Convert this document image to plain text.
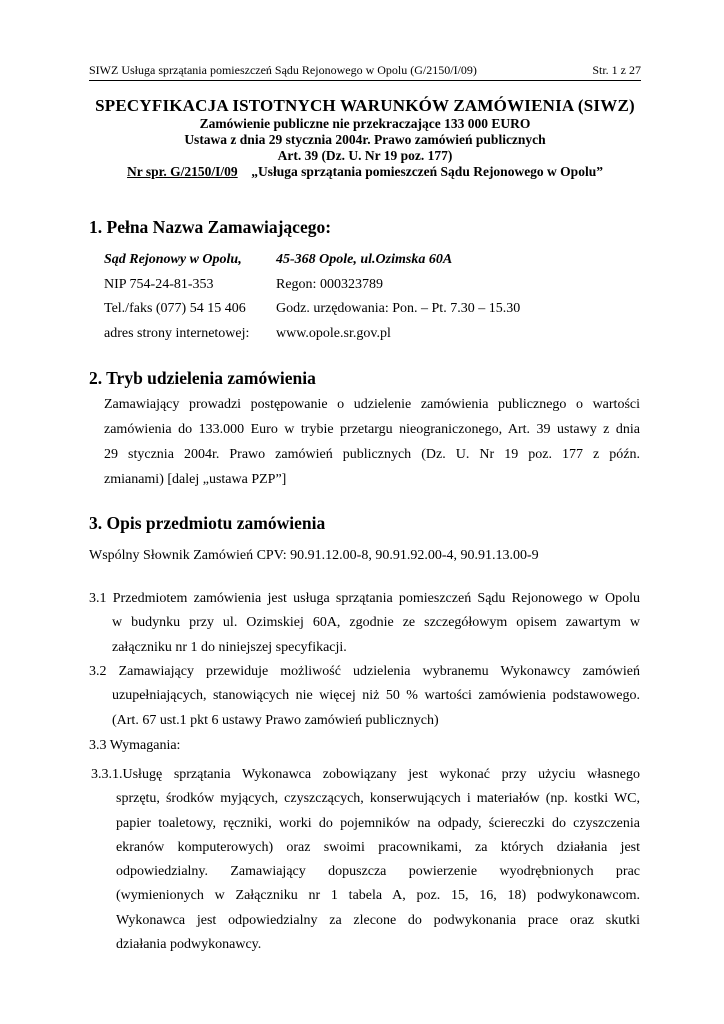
SIWZ Usługa sprzątania pomieszczeń Sądu Rejonowego w Opolu (G/2150/I/09)	Str. 1 z 27
SPECYFIKACJA ISTOTNYCH WARUNKÓW ZAMÓWIENIA (SIWZ)
Zamówienie publiczne nie przekraczające 133 000 EURO
Ustawa z dnia 29 stycznia 2004r. Prawo zamówień publicznych
Art. 39 (Dz. U. Nr 19 poz. 177)
Nr spr. G/2150/I/09 „Usługa sprzątania pomieszczeń Sądu Rejonowego w Opolu”
1. Pełna Nazwa Zamawiającego:
Sąd Rejonowy w Opolu, 45-368 Opole, ul.Ozimska 60A
NIP 754-24-81-353	Regon: 000323789
Tel./faks (077) 54 15 406 Godz. urzędowania: Pon. – Pt. 7.30 – 15.30
adres strony internetowej: www.opole.sr.gov.pl
2. Tryb udzielenia zamówienia
Zamawiający prowadzi postępowanie o udzielenie zamówienia publicznego o wartości
zamówienia do 133.000 Euro w trybie przetargu nieograniczonego, Art. 39 ustawy z dnia
29 stycznia 2004r. Prawo zamówień publicznych (Dz. U. Nr 19 poz. 177 z późn.
zmianami) [dalej „ustawa PZP”]
3. Opis przedmiotu zamówienia
Wspólny Słownik Zamówień CPV: 90.91.12.00-8, 90.91.92.00-4, 90.91.13.00-9
3.1 Przedmiotem zamówienia jest usługa sprzątania pomieszczeń Sądu Rejonowego w Opolu
w budynku przy ul. Ozimskiej 60A, zgodnie ze szczegółowym opisem zawartym w
załączniku nr 1 do niniejszej specyfikacji.
3.2 Zamawiający przewiduje możliwość udzielenia wybranemu Wykonawcy zamówień
uzupełniających, stanowiących nie więcej niż 50 % wartości zamówienia podstawowego.
(Art. 67 ust.1 pkt 6 ustawy Prawo zamówień publicznych)
3.3 Wymagania:
3.3.1.Usługę sprzątania Wykonawca zobowiązany jest wykonać przy użyciu własnego
sprzętu, środków myjących, czyszczących, konserwujących i materiałów (np. kostki WC,
papier toaletowy, ręczniki, worki do pojemników na odpady, ściereczki do czyszczenia
ekranów komputerowych) oraz swoimi pracownikami, za których działania jest
odpowiedzialny. Zamawiający dopuszcza powierzenie wyodrębnionych prac
(wymienionych w Załączniku nr 1 tabela A, poz. 15, 16, 18) podwykonawcom.
Wykonawca jest odpowiedzialny za zlecone do podwykonania prace oraz skutki
działania podwykonawcy.
